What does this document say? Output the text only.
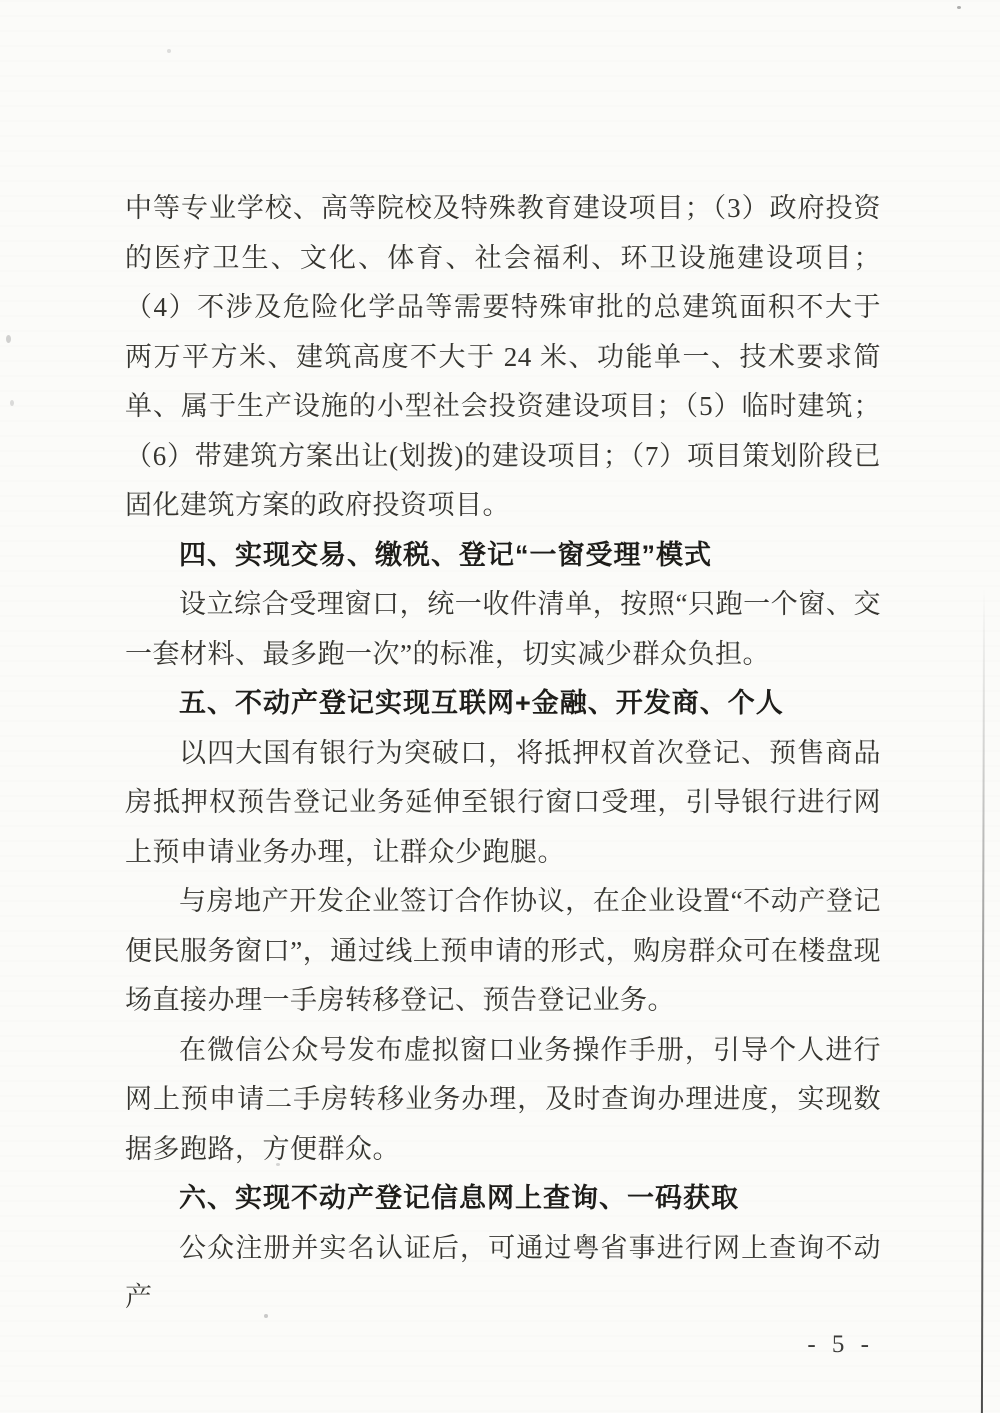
中等专业学校、高等院校及特殊教育建设项目；（3）政府投资的医疗卫生、文化、体育、社会福利、环卫设施建设项目；（4）不涉及危险化学品等需要特殊审批的总建筑面积不大于两万平方米、建筑高度不大于 24 米、功能单一、技术要求简单、属于生产设施的小型社会投资建设项目；（5）临时建筑；（6）带建筑方案出让(划拨)的建设项目；（7）项目策划阶段已固化建筑方案的政府投资项目。

四、实现交易、缴税、登记“一窗受理”模式

设立综合受理窗口，统一收件清单，按照“只跑一个窗、交一套材料、最多跑一次”的标准，切实减少群众负担。

五、不动产登记实现互联网+金融、开发商、个人

以四大国有银行为突破口，将抵押权首次登记、预售商品房抵押权预告登记业务延伸至银行窗口受理，引导银行进行网上预申请业务办理，让群众少跑腿。

与房地产开发企业签订合作协议，在企业设置“不动产登记便民服务窗口”，通过线上预申请的形式，购房群众可在楼盘现场直接办理一手房转移登记、预告登记业务。

在微信公众号发布虚拟窗口业务操作手册，引导个人进行网上预申请二手房转移业务办理，及时查询办理进度，实现数据多跑路，方便群众。

六、实现不动产登记信息网上查询、一码获取

公众注册并实名认证后，可通过粤省事进行网上查询不动产

- 5 -
